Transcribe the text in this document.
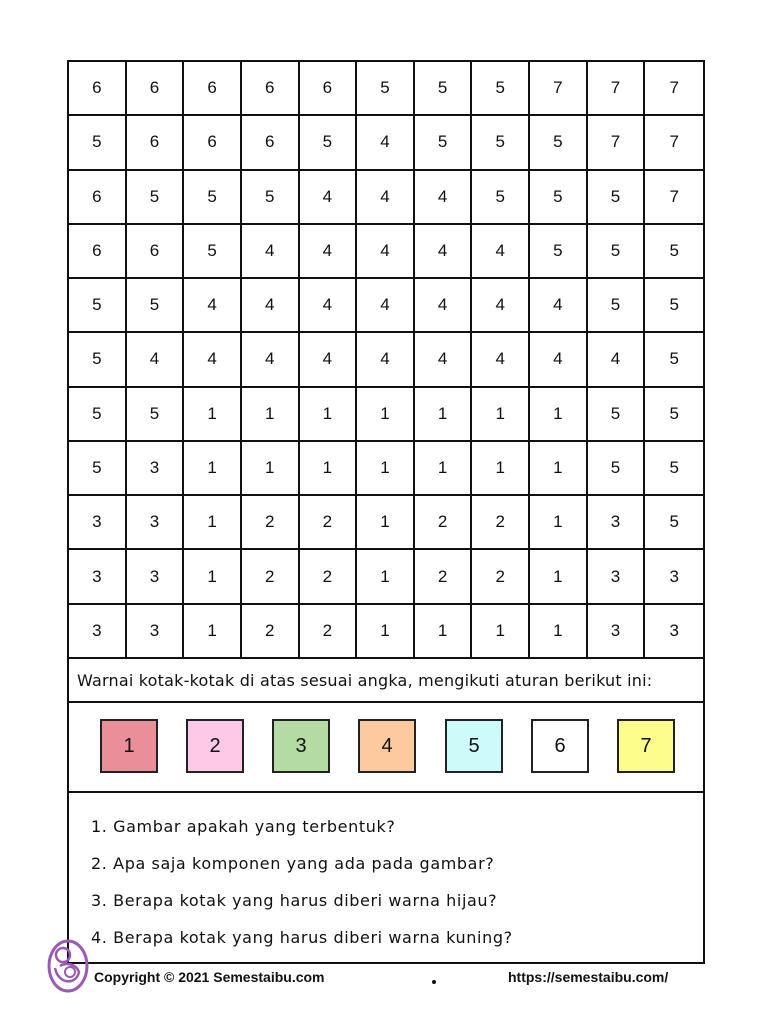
6	6	6	6	6	5	5	5	7	7	7
5	6	6	6	5	4	5	5	5	7	7
6	5	5	5	4	4	4	5	5	5	7
6	6	5	4	4	4	4	4	5	5	5
5	5	4	4	4	4	4	4	4	5	5
5	4	4	4	4	4	4	4	4	4	5
5	5	1	1	1	1	1	1	1	5	5
5	3	1	1	1	1	1	1	1	5	5
3	3	1	2	2	1	2	2	1	3	5
3	3	1	2	2	1	2	2	1	3	3
3	3	1	2	2	1	1	1	1	3	3
Warnai kotak-kotak di atas sesuai angka, mengikuti aturan berikut ini:
1	2	3	4	5	6	7
1. Gambar apakah yang terbentuk?
2. Apa saja komponen yang ada pada gambar?
3. Berapa kotak yang harus diberi warna hijau?
4. Berapa kotak yang harus diberi warna kuning?
Copyright © 2021 Semestaibu.com	https://semestaibu.com/
